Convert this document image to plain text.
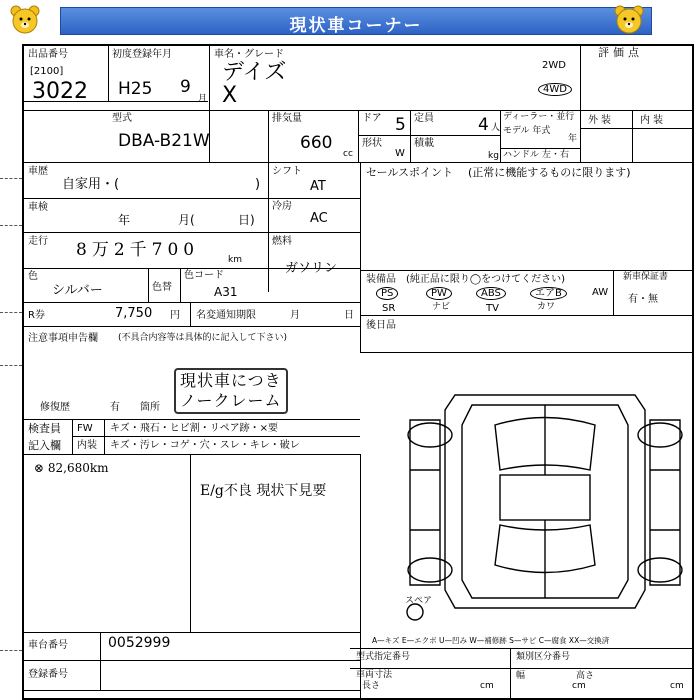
現状車コーナー
出品番号
[2100]
3022
初度登録年月
H25 9
月
車名・グレード
デイズ
X
2WD
4WD
評価点
外装	内装
型式
DBA-B21W
排気量
660
cc
ドア 5 定員	4 人
形状
W
積載
kg
ディーラー・並行
モデル 年式
年
ハンドル 左・右
車歴
自家用・(	)
シフト
AT
セールスポイント (正常に機能するものに限ります)
車検
年	月(	日)
冷房
AC
走行 8万2千700	km
燃料
ガソリン
色
シルバー	色替
色コード
A31
装備品 (純正品に限り◯をつけてください)	新車保証書
有・無
PS	PW	ABS	エアB	AW
SR	ナビ	TV	カワ
後日品
R券	7,750 円 名変通知期限	月	日
注意事項申告欄 (不具合内容等は具体的に記入して下さい)
現状車につき
ノークレーム
修復歴	有 箇所
検査員
記入欄
FW キズ・飛石・ヒビ割・リペア跡・×要
内装 キズ・汚レ・コゲ・穴・スレ・キレ・破レ
⊗ 82,680km
E/g不良 現状下見要
車台番号	0052999
登録番号
A—キズ E—エクボ U—凹み W—補修跡 S—サビ C—腐食 XX—交換済
型式指定番号	類別区分番号
車両寸法
長さ	cm
幅	高さ
cm	cm
スペア
